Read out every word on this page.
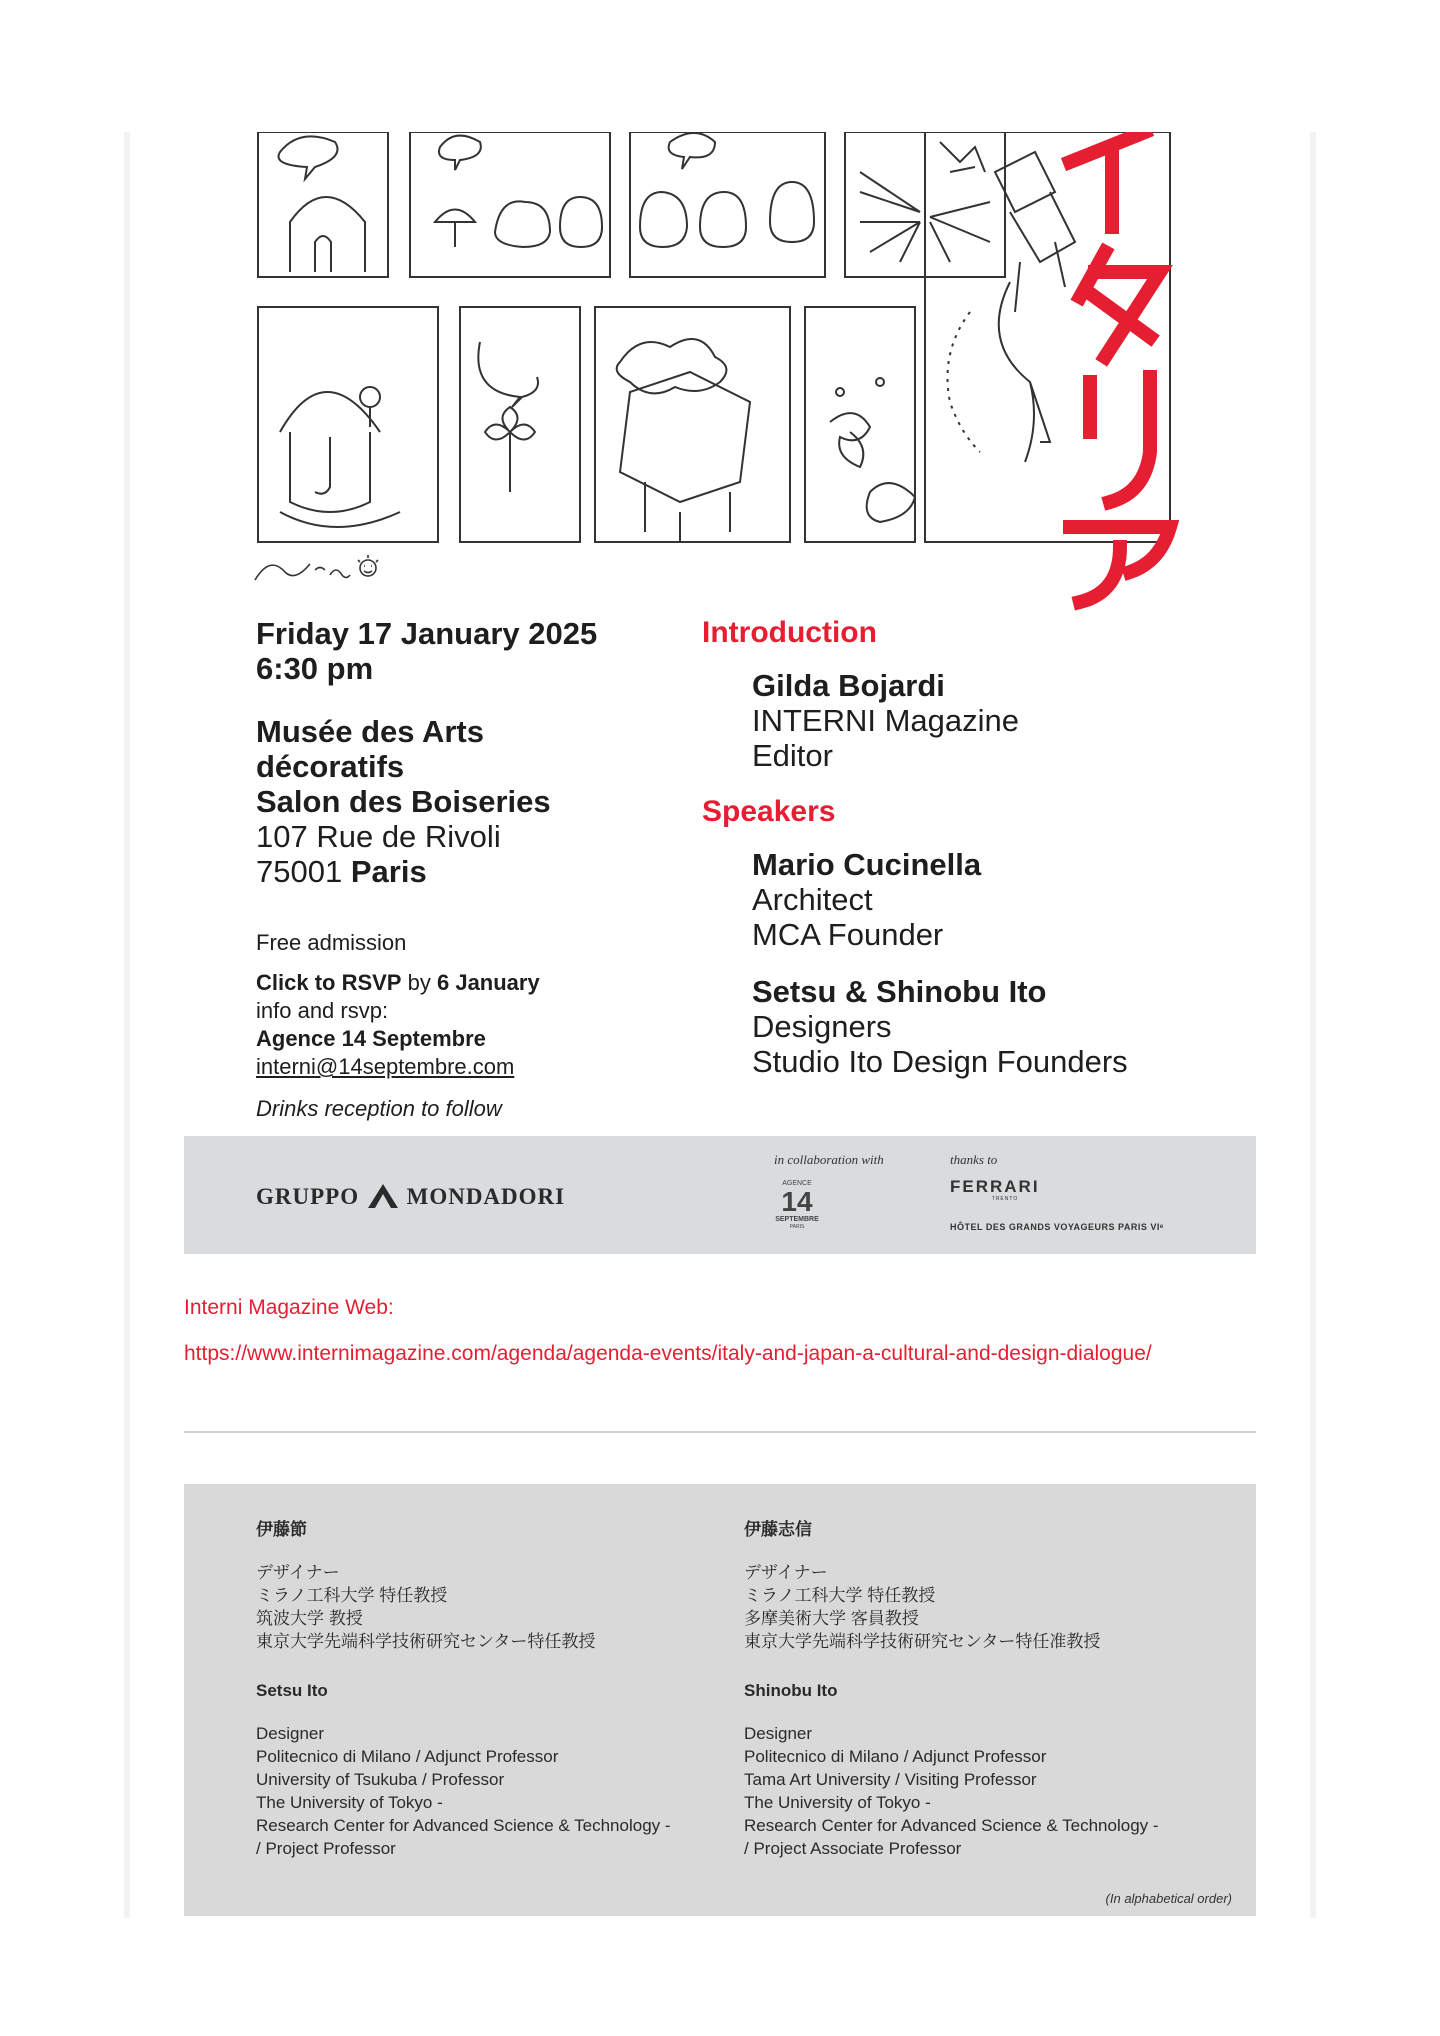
Friday 17 January 2025
6:30 pm
Musée des Arts
décoratifs
Salon des Boiseries
107 Rue de Rivoli
75001 Paris
Free admission
Click to RSVP by 6 January
info and rsvp:
Agence 14 Septembre
interni@14septembre.com
Drinks reception to follow
Introduction
Gilda Bojardi
INTERNI Magazine
Editor
Speakers
Mario Cucinella
Architect
MCA Founder
Setsu & Shinobu Ito
Designers
Studio Ito Design Founders
GRUPPO MONDADORI
in collaboration with
AGENCE
14
SEPTEMBRE
PARIS
thanks to
FERRARI
TRENTO
HÔTEL DES GRANDS VOYAGEURS PARIS VIᵉ
Interni Magazine Web:
https://www.internimagazine.com/agenda/agenda-events/italy-and-japan-a-cultural-and-design-dialogue/

伊藤節

デザイナー

ミラノ工科大学 特任教授

筑波大学 教授

東京大学先端科学技術研究センター特任教授

Setsu Ito

Designer

Politecnico di Milano / Adjunct Professor

University of Tsukuba / Professor

The University of Tokyo -

Research Center for Advanced Science & Technology -

/ Project Professor

伊藤志信

デザイナー

ミラノ工科大学 特任教授

多摩美術大学 客員教授

東京大学先端科学技術研究センター特任准教授

Shinobu Ito

Designer

Politecnico di Milano / Adjunct Professor

Tama Art University / Visiting Professor

The University of Tokyo -

Research Center for Advanced Science & Technology -

/ Project Associate Professor

(In alphabetical order)
